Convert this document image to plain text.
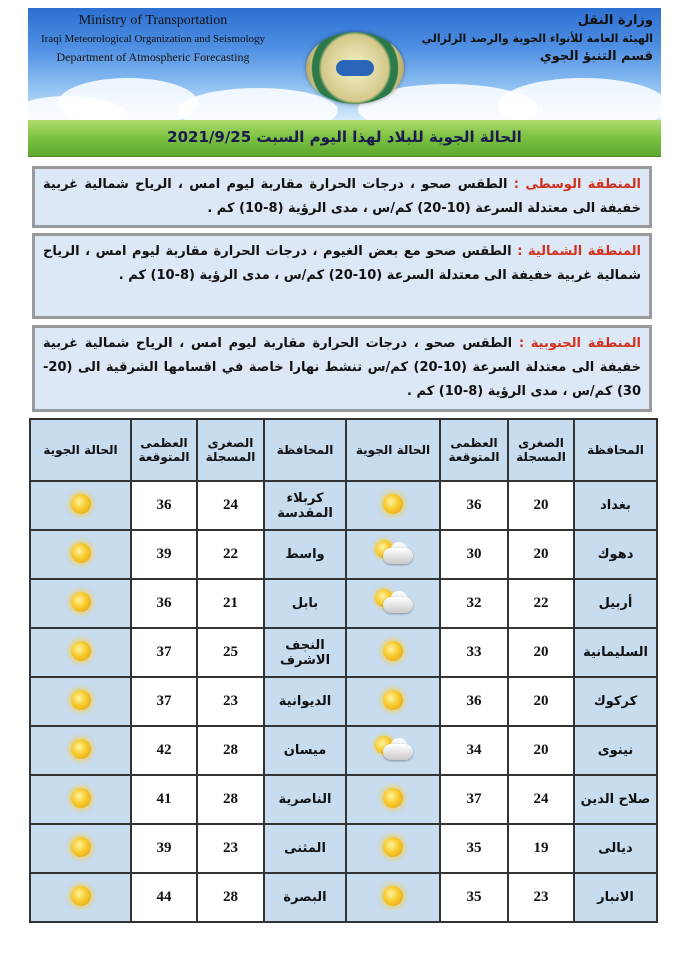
Ministry of Transportation
Iraqi Meteorological Organization and Seismology
Department of Atmospheric Forecasting
وزارة النقل
الهيئة العامة للأنواء الجوية والرصد الزلزالي
قسم التنبؤ الجوي
الحالة الجوية للبلاد لهذا اليوم السبت 2021/9/25
المنطقة الوسطى : الطقس صحو ، درجات الحرارة مقاربة ليوم امس ، الرياح شمالية غربية خفيفة الى معتدلة السرعة (10-20) كم/س ، مدى الرؤية (8-10) كم .
المنطقة الشمالية : الطقس صحو مع بعض الغيوم ، درجات الحرارة مقاربة ليوم امس ، الرياح شمالية غربية خفيفة الى معتدلة السرعة (10-20) كم/س ، مدى الرؤية (8-10) كم .
المنطقة الجنوبية : الطقس صحو ، درجات الحرارة مقاربة ليوم امس ، الرياح شمالية غربية خفيفة الى معتدلة السرعة (10-20) كم/س تنشط نهارا خاصة في اقسامها الشرقية الى (20-30) كم/س ، مدى الرؤية (8-10) كم .
المحافظة	الصغرى المسجلة	العظمى المتوقعة	الحالة الجوية	المحافظة	الصغرى المسجلة	العظمى المتوقعة	الحالة الجوية
بغداد	20	36		كربلاء المقدسة	24	36	
دهوك	20	30		واسط	22	39	
أربيل	22	32		بابل	21	36	
السليمانية	20	33		النجف الاشرف	25	37	
كركوك	20	36		الديوانية	23	37	
نينوى	20	34		ميسان	28	42	
صلاح الدين	24	37		الناصرية	28	41	
ديالى	19	35		المثنى	23	39	
الانبار	23	35		البصرة	28	44	
